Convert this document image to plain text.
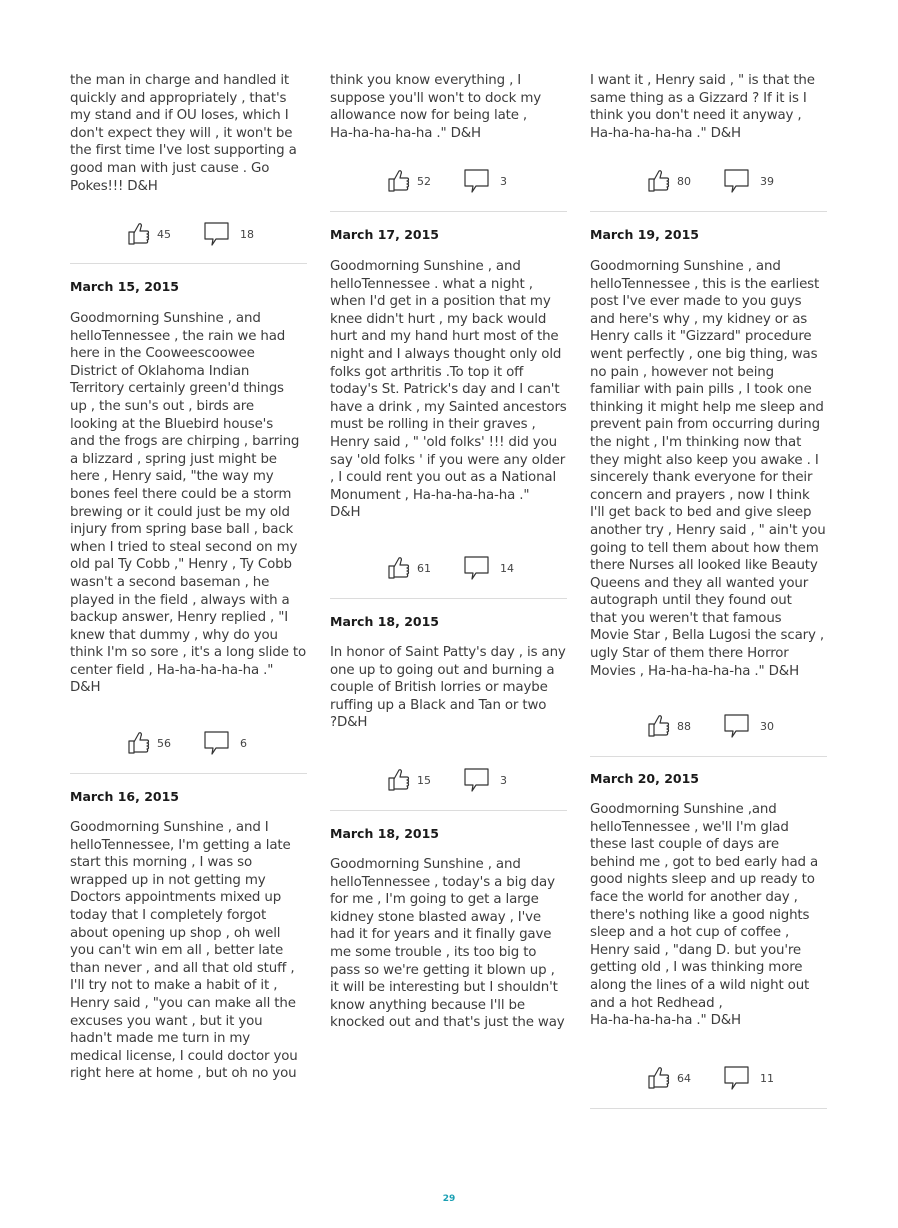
the man in charge and handled it
quickly and appropriately , that's
my stand and if OU loses, which I
don't expect they will , it won't be
the first time I've lost supporting a
good man with just cause . Go
Pokes!!! D&H
45	18
March 15, 2015
Goodmorning Sunshine , and
helloTennessee , the rain we had
here in the Cooweescoowee
District of Oklahoma Indian
Territory certainly green'd things
up , the sun's out , birds are
looking at the Bluebird house's
and the frogs are chirping , barring
a blizzard , spring just might be
here , Henry said, "the way my
bones feel there could be a storm
brewing or it could just be my old
injury from spring base ball , back
when I tried to steal second on my
old pal Ty Cobb ," Henry , Ty Cobb
wasn't a second baseman , he
played in the field , always with a
backup answer, Henry replied , "I
knew that dummy , why do you
think I'm so sore , it's a long slide to
center field , Ha-ha-ha-ha-ha ."
D&H
56	6
March 16, 2015
Goodmorning Sunshine , and I
helloTennessee, I'm getting a late
start this morning , I was so
wrapped up in not getting my
Doctors appointments mixed up
today that I completely forgot
about opening up shop , oh well
you can't win em all , better late
than never , and all that old stuff ,
I'll try not to make a habit of it ,
Henry said , "you can make all the
excuses you want , but it you
hadn't made me turn in my
medical license, I could doctor you
right here at home , but oh no you
think you know everything , I
suppose you'll won't to dock my
allowance now for being late ,
Ha-ha-ha-ha-ha ." D&H
52	3
March 17, 2015
Goodmorning Sunshine , and
helloTennessee . what a night ,
when I'd get in a position that my
knee didn't hurt , my back would
hurt and my hand hurt most of the
night and I always thought only old
folks got arthritis .To top it off
today's St. Patrick's day and I can't
have a drink , my Sainted ancestors
must be rolling in their graves ,
Henry said , " 'old folks' !!! did you
say 'old folks ' if you were any older
, I could rent you out as a National
Monument , Ha-ha-ha-ha-ha ."
D&H
61	14
March 18, 2015
In honor of Saint Patty's day , is any
one up to going out and burning a
couple of British lorries or maybe
ruffing up a Black and Tan or two
?D&H
15	3
March 18, 2015
Goodmorning Sunshine , and
helloTennessee , today's a big day
for me , I'm going to get a large
kidney stone blasted away , I've
had it for years and it finally gave
me some trouble , its too big to
pass so we're getting it blown up ,
it will be interesting but I shouldn't
know anything because I'll be
knocked out and that's just the way
I want it , Henry said , " is that the
same thing as a Gizzard ? If it is I
think you don't need it anyway ,
Ha-ha-ha-ha-ha ." D&H
80	39
March 19, 2015
Goodmorning Sunshine , and
helloTennessee , this is the earliest
post I've ever made to you guys
and here's why , my kidney or as
Henry calls it "Gizzard" procedure
went perfectly , one big thing, was
no pain , however not being
familiar with pain pills , I took one
thinking it might help me sleep and
prevent pain from occurring during
the night , I'm thinking now that
they might also keep you awake . I
sincerely thank everyone for their
concern and prayers , now I think
I'll get back to bed and give sleep
another try , Henry said , " ain't you
going to tell them about how them
there Nurses all looked like Beauty
Queens and they all wanted your
autograph until they found out
that you weren't that famous
Movie Star , Bella Lugosi the scary ,
ugly Star of them there Horror
Movies , Ha-ha-ha-ha-ha ." D&H
88	30
March 20, 2015
Goodmorning Sunshine ,and
helloTennessee , we'll I'm glad
these last couple of days are
behind me , got to bed early had a
good nights sleep and up ready to
face the world for another day ,
there's nothing like a good nights
sleep and a hot cup of coffee ,
Henry said , "dang D. but you're
getting old , I was thinking more
along the lines of a wild night out
and a hot Redhead ,
Ha-ha-ha-ha-ha ." D&H
64	11
29
